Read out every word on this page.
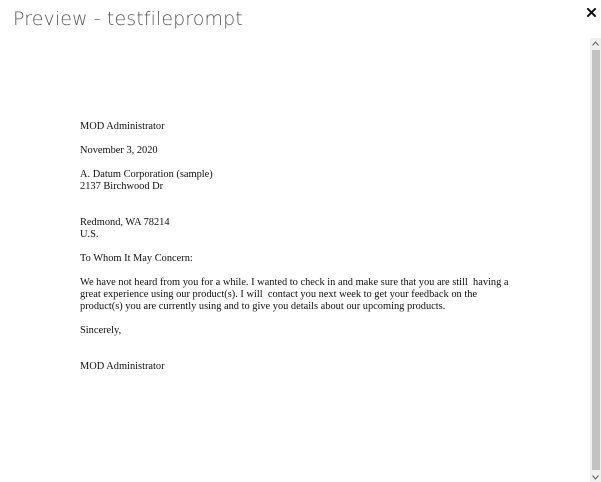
Preview - testfileprompt

MOD Administrator

November 3, 2020

A. Datum Corporation (sample)

2137 Birchwood Dr

Redmond, WA 78214

U.S.

To Whom It May Concern:

We have not heard from you for a while. I wanted to check in and make sure that you are still  having a

great experience using our product(s). I will  contact you next week to get your feedback on the

product(s) you are currently using and to give you details about our upcoming products.

Sincerely,

MOD Administrator
